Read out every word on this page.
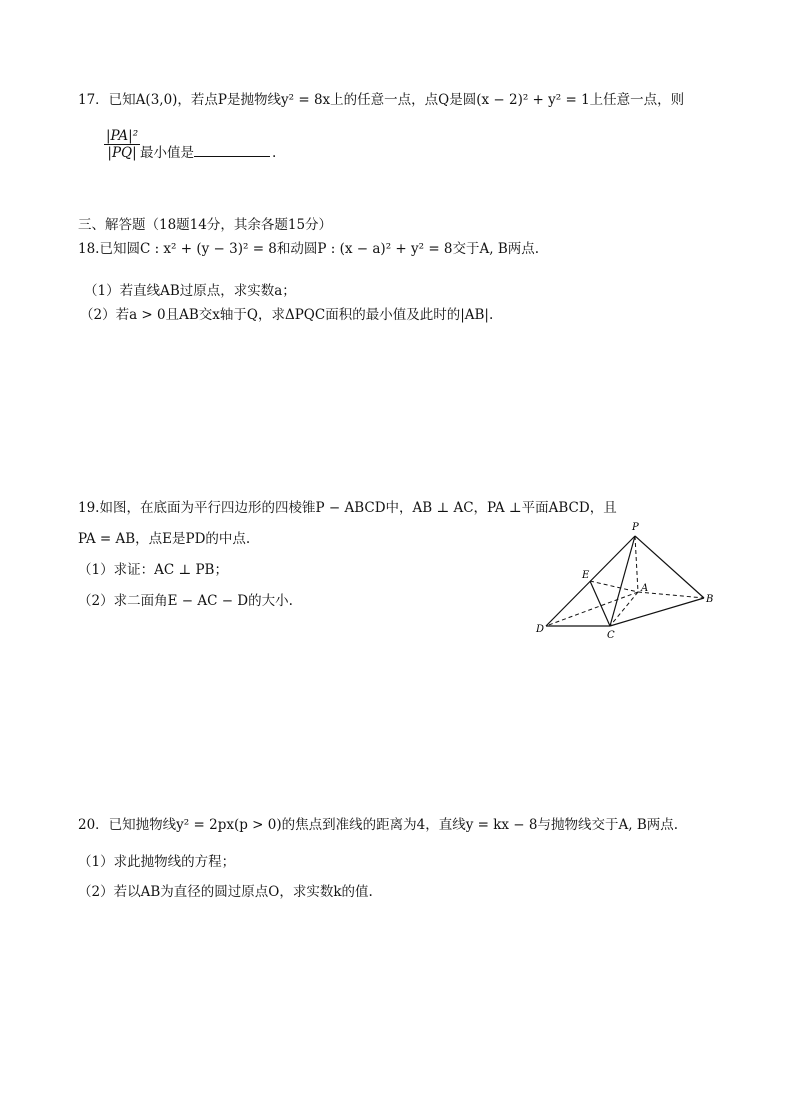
17．已知A(3,0)，若点P是抛物线y² = 8x上的任意一点，点Q是圆(x − 2)² + y² = 1上任意一点，则
$\frac{\text{|PA|²}}{|PQ|}$ 最小值是	.
三、解答题（18题14分，其余各题15分）
18.已知圆C : x² + (y − 3)² = 8和动圆P : (x − a)² + y² = 8交于A, B两点.
（1）若直线AB过原点，求实数a；
（2）若a > 0且AB交x轴于Q，求ΔPQC面积的最小值及此时的|AB|.
19.如图，在底面为平行四边形的四棱锥P − ABCD中，AB ⊥ AC，PA ⊥平面ABCD，且
PA = AB，点E是PD的中点.
（1）求证：AC ⊥ PB；
（2）求二面角E − AC − D的大小.
P
E
A
B
C
D
20．已知抛物线y² = 2px(p > 0)的焦点到准线的距离为4，直线y = kx − 8与抛物线交于A, B两点.
（1）求此抛物线的方程；
（2）若以AB为直径的圆过原点O，求实数k的值.
